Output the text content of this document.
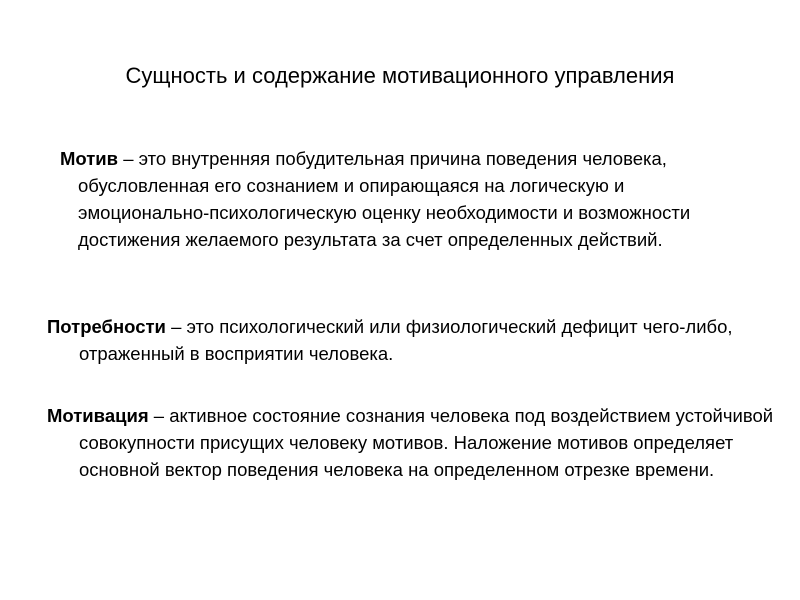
Сущность и содержание мотивационного управления
Мотив – это внутренняя побудительная причина поведения человека, обусловленная его сознанием и опирающаяся на логическую и эмоционально-психологическую оценку необходимости и возможности достижения желаемого результата за счет определенных действий.
Потребности – это психологический или физиологический дефицит чего-либо, отраженный в восприятии человека.
Мотивация – активное состояние сознания человека под воздействием устойчивой совокупности присущих человеку мотивов. Наложение мотивов определяет основной вектор поведения человека на определенном отрезке времени.
